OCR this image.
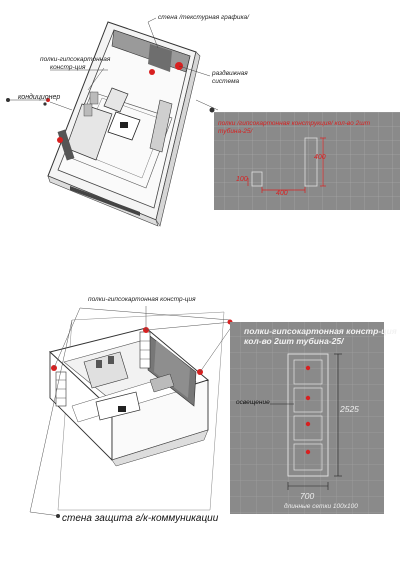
стена /текстурная графика/
полки-гипсокартонная
констр-ция
кондиционер
раздвижная
система
полки /гипсокартонная конструкция/ кол-во 2шт
тубина-25/
400
400
100
полки-гипсокартонная констр-ция
стена защита г/к-коммуникации
полки-гипсокартонная констр-ция
кол-во 2шт тубина-25/
освещение
2525
700
длинные сетки 100x100
